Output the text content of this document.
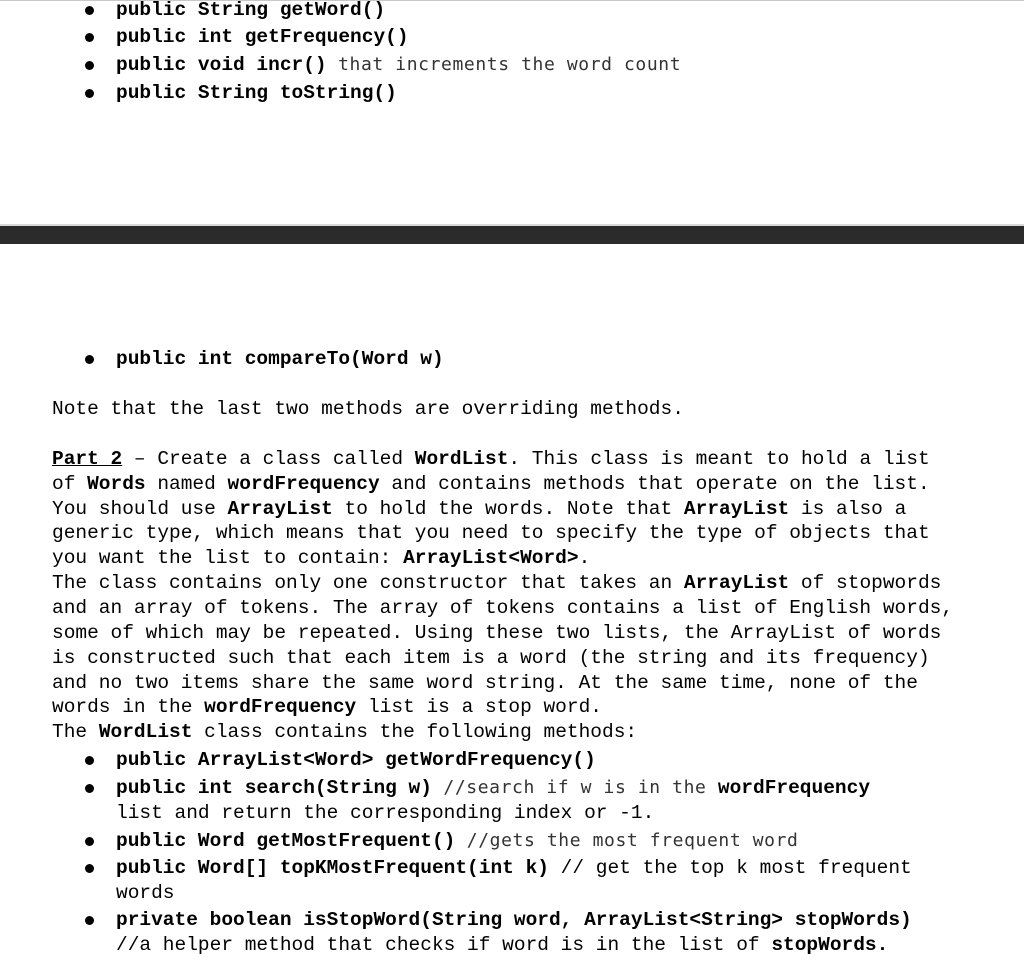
public String getWord()
public int getFrequency()
public void incr() that increments the word count
public String toString()
public int compareTo(Word w)
Note that the last two methods are overriding methods.
Part 2 – Create a class called WordList. This class is meant to hold a list
of Words named wordFrequency and contains methods that operate on the list.
You should use ArrayList to hold the words. Note that ArrayList is also a
generic type, which means that you need to specify the type of objects that
you want the list to contain: ArrayList<Word>.
The class contains only one constructor that takes an ArrayList of stopwords
and an array of tokens. The array of tokens contains a list of English words,
some of which may be repeated. Using these two lists, the ArrayList of words
is constructed such that each item is a word (the string and its frequency)
and no two items share the same word string. At the same time, none of the
words in the wordFrequency list is a stop word.
The WordList class contains the following methods:
public ArrayList<Word> getWordFrequency()
public int search(String w) //search if w is in the wordFrequency
list and return the corresponding index or -1.
public Word getMostFrequent() //gets the most frequent word
public Word[] topKMostFrequent(int k) // get the top k most frequent
words
private boolean isStopWord(String word, ArrayList<String> stopWords)
//a helper method that checks if word is in the list of stopWords.
